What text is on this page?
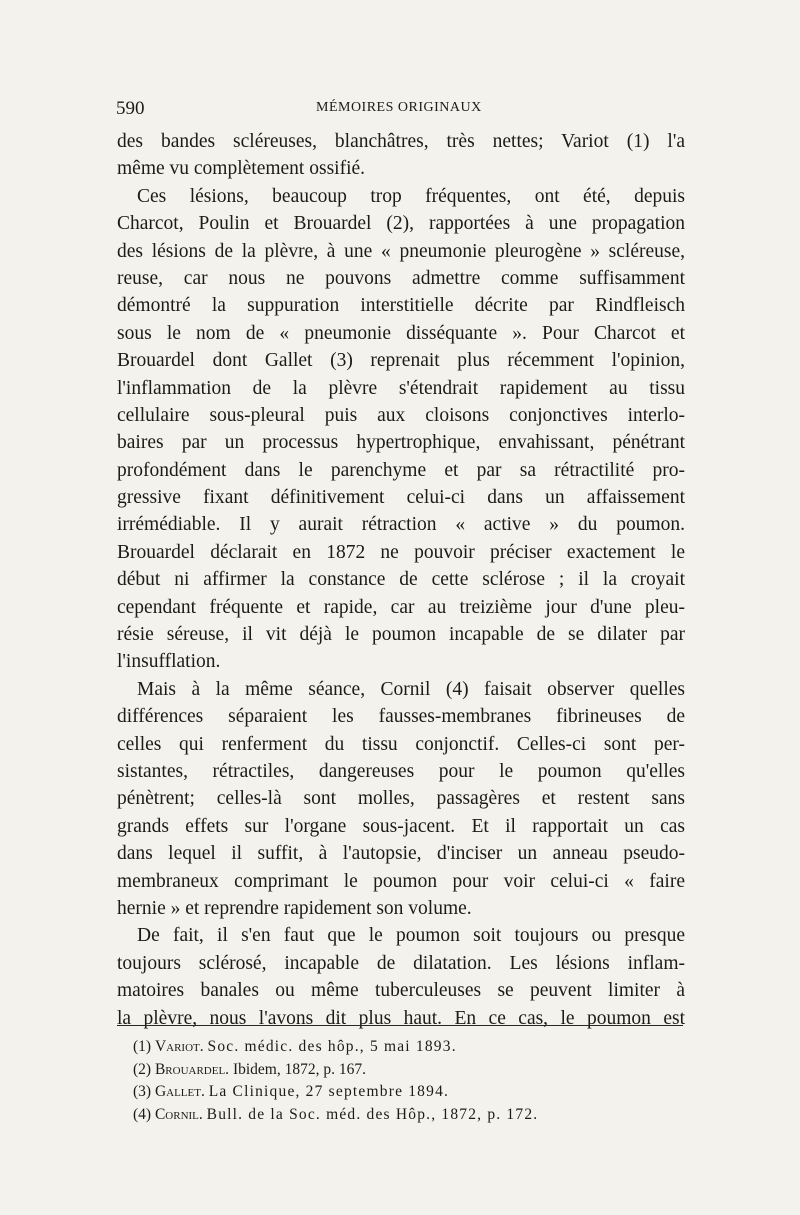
590	MÉMOIRES ORIGINAUX
des bandes scléreuses, blanchâtres, très nettes; Variot (1) l'a
même vu complètement ossifié.
Ces lésions, beaucoup trop fréquentes, ont été, depuis
Charcot, Poulin et Brouardel (2), rapportées à une propagation
des lésions de la plèvre, à une « pneumonie pleurogène » scléreuse,
reuse, car nous ne pouvons admettre comme suffisamment
démontré la suppuration interstitielle décrite par Rindfleisch
sous le nom de « pneumonie disséquante ». Pour Charcot et
Brouardel dont Gallet (3) reprenait plus récemment l'opinion,
l'inflammation de la plèvre s'étendrait rapidement au tissu
cellulaire sous-pleural puis aux cloisons conjonctives interlo-
baires par un processus hypertrophique, envahissant, pénétrant
profondément dans le parenchyme et par sa rétractilité pro-
gressive fixant définitivement celui-ci dans un affaissement
irrémédiable. Il y aurait rétraction « active » du poumon.
Brouardel déclarait en 1872 ne pouvoir préciser exactement le
début ni affirmer la constance de cette sclérose ; il la croyait
cependant fréquente et rapide, car au treizième jour d'une pleu-
résie séreuse, il vit déjà le poumon incapable de se dilater par
l'insufflation.
Mais à la même séance, Cornil (4) faisait observer quelles
différences séparaient les fausses-membranes fibrineuses de
celles qui renferment du tissu conjonctif. Celles-ci sont per-
sistantes, rétractiles, dangereuses pour le poumon qu'elles
pénètrent; celles-là sont molles, passagères et restent sans
grands effets sur l'organe sous-jacent. Et il rapportait un cas
dans lequel il suffit, à l'autopsie, d'inciser un anneau pseudo-
membraneux comprimant le poumon pour voir celui-ci « faire
hernie » et reprendre rapidement son volume.
De fait, il s'en faut que le poumon soit toujours ou presque
toujours sclérosé, incapable de dilatation. Les lésions inflam-
matoires banales ou même tuberculeuses se peuvent limiter à
la plèvre, nous l'avons dit plus haut. En ce cas, le poumon est
(1) Variot. Soc. médic. des hôp., 5 mai 1893.
(2) Brouardel. Ibidem, 1872, p. 167.
(3) Gallet. La Clinique, 27 septembre 1894.
(4) Cornil. Bull. de la Soc. méd. des Hôp., 1872, p. 172.
